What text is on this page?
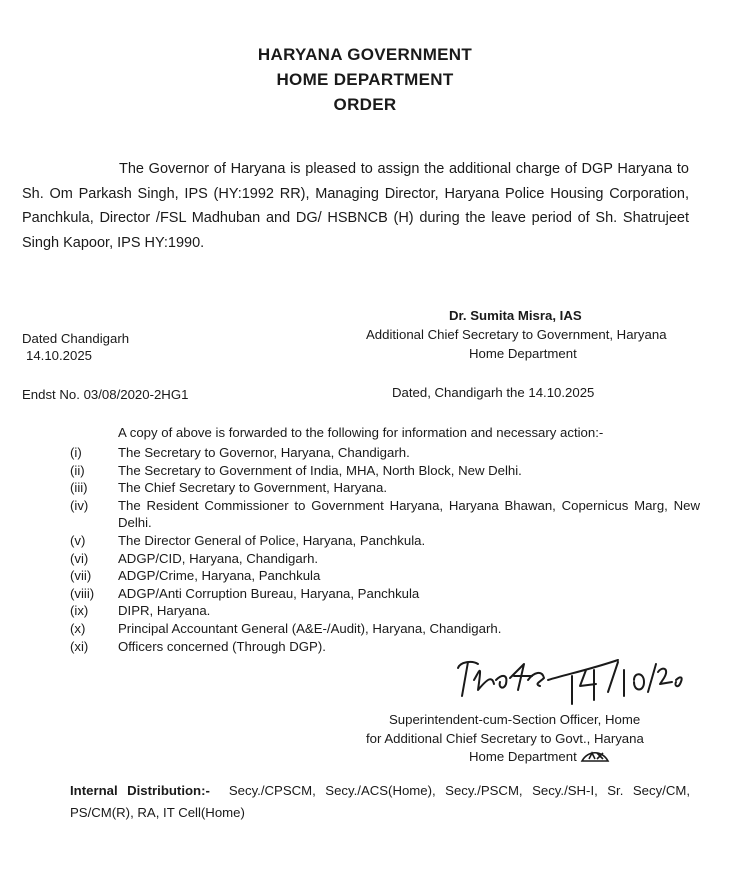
HARYANA GOVERNMENT
HOME DEPARTMENT
ORDER
The Governor of Haryana is pleased to assign the additional charge of DGP Haryana to Sh. Om Parkash Singh, IPS (HY:1992 RR), Managing Director, Haryana Police Housing Corporation, Panchkula, Director /FSL Madhuban and DG/ HSBNCB (H) during the leave period of Sh. Shatrujeet Singh Kapoor, IPS HY:1990.
Dr. Sumita Misra, IAS
Additional Chief Secretary to Government, Haryana
Home Department
Dated Chandigarh
14.10.2025
Endst No. 03/08/2020-2HG1	Dated, Chandigarh the 14.10.2025
A copy of above is forwarded to the following for information and necessary action:-
(i)	The Secretary to Governor, Haryana, Chandigarh.
(ii)	The Secretary to Government of India, MHA, North Block, New Delhi.
(iii)	The Chief Secretary to Government, Haryana.
(iv)	The Resident Commissioner to Government Haryana, Haryana Bhawan, Copernicus Marg, New Delhi.
(v)	The Director General of Police, Haryana, Panchkula.
(vi)	ADGP/CID, Haryana, Chandigarh.
(vii)	ADGP/Crime, Haryana, Panchkula
(viii)	ADGP/Anti Corruption Bureau, Haryana, Panchkula
(ix)	DIPR, Haryana.
(x)	Principal Accountant General (A&E-/Audit), Haryana, Chandigarh.
(xi)	Officers concerned (Through DGP).
Superintendent-cum-Section Officer, Home
for Additional Chief Secretary to Govt., Haryana
Home Department
Internal Distribution:- Secy./CPSCM, Secy./ACS(Home), Secy./PSCM, Secy./SH-I, Sr. Secy/CM, PS/CM(R), RA, IT Cell(Home)
